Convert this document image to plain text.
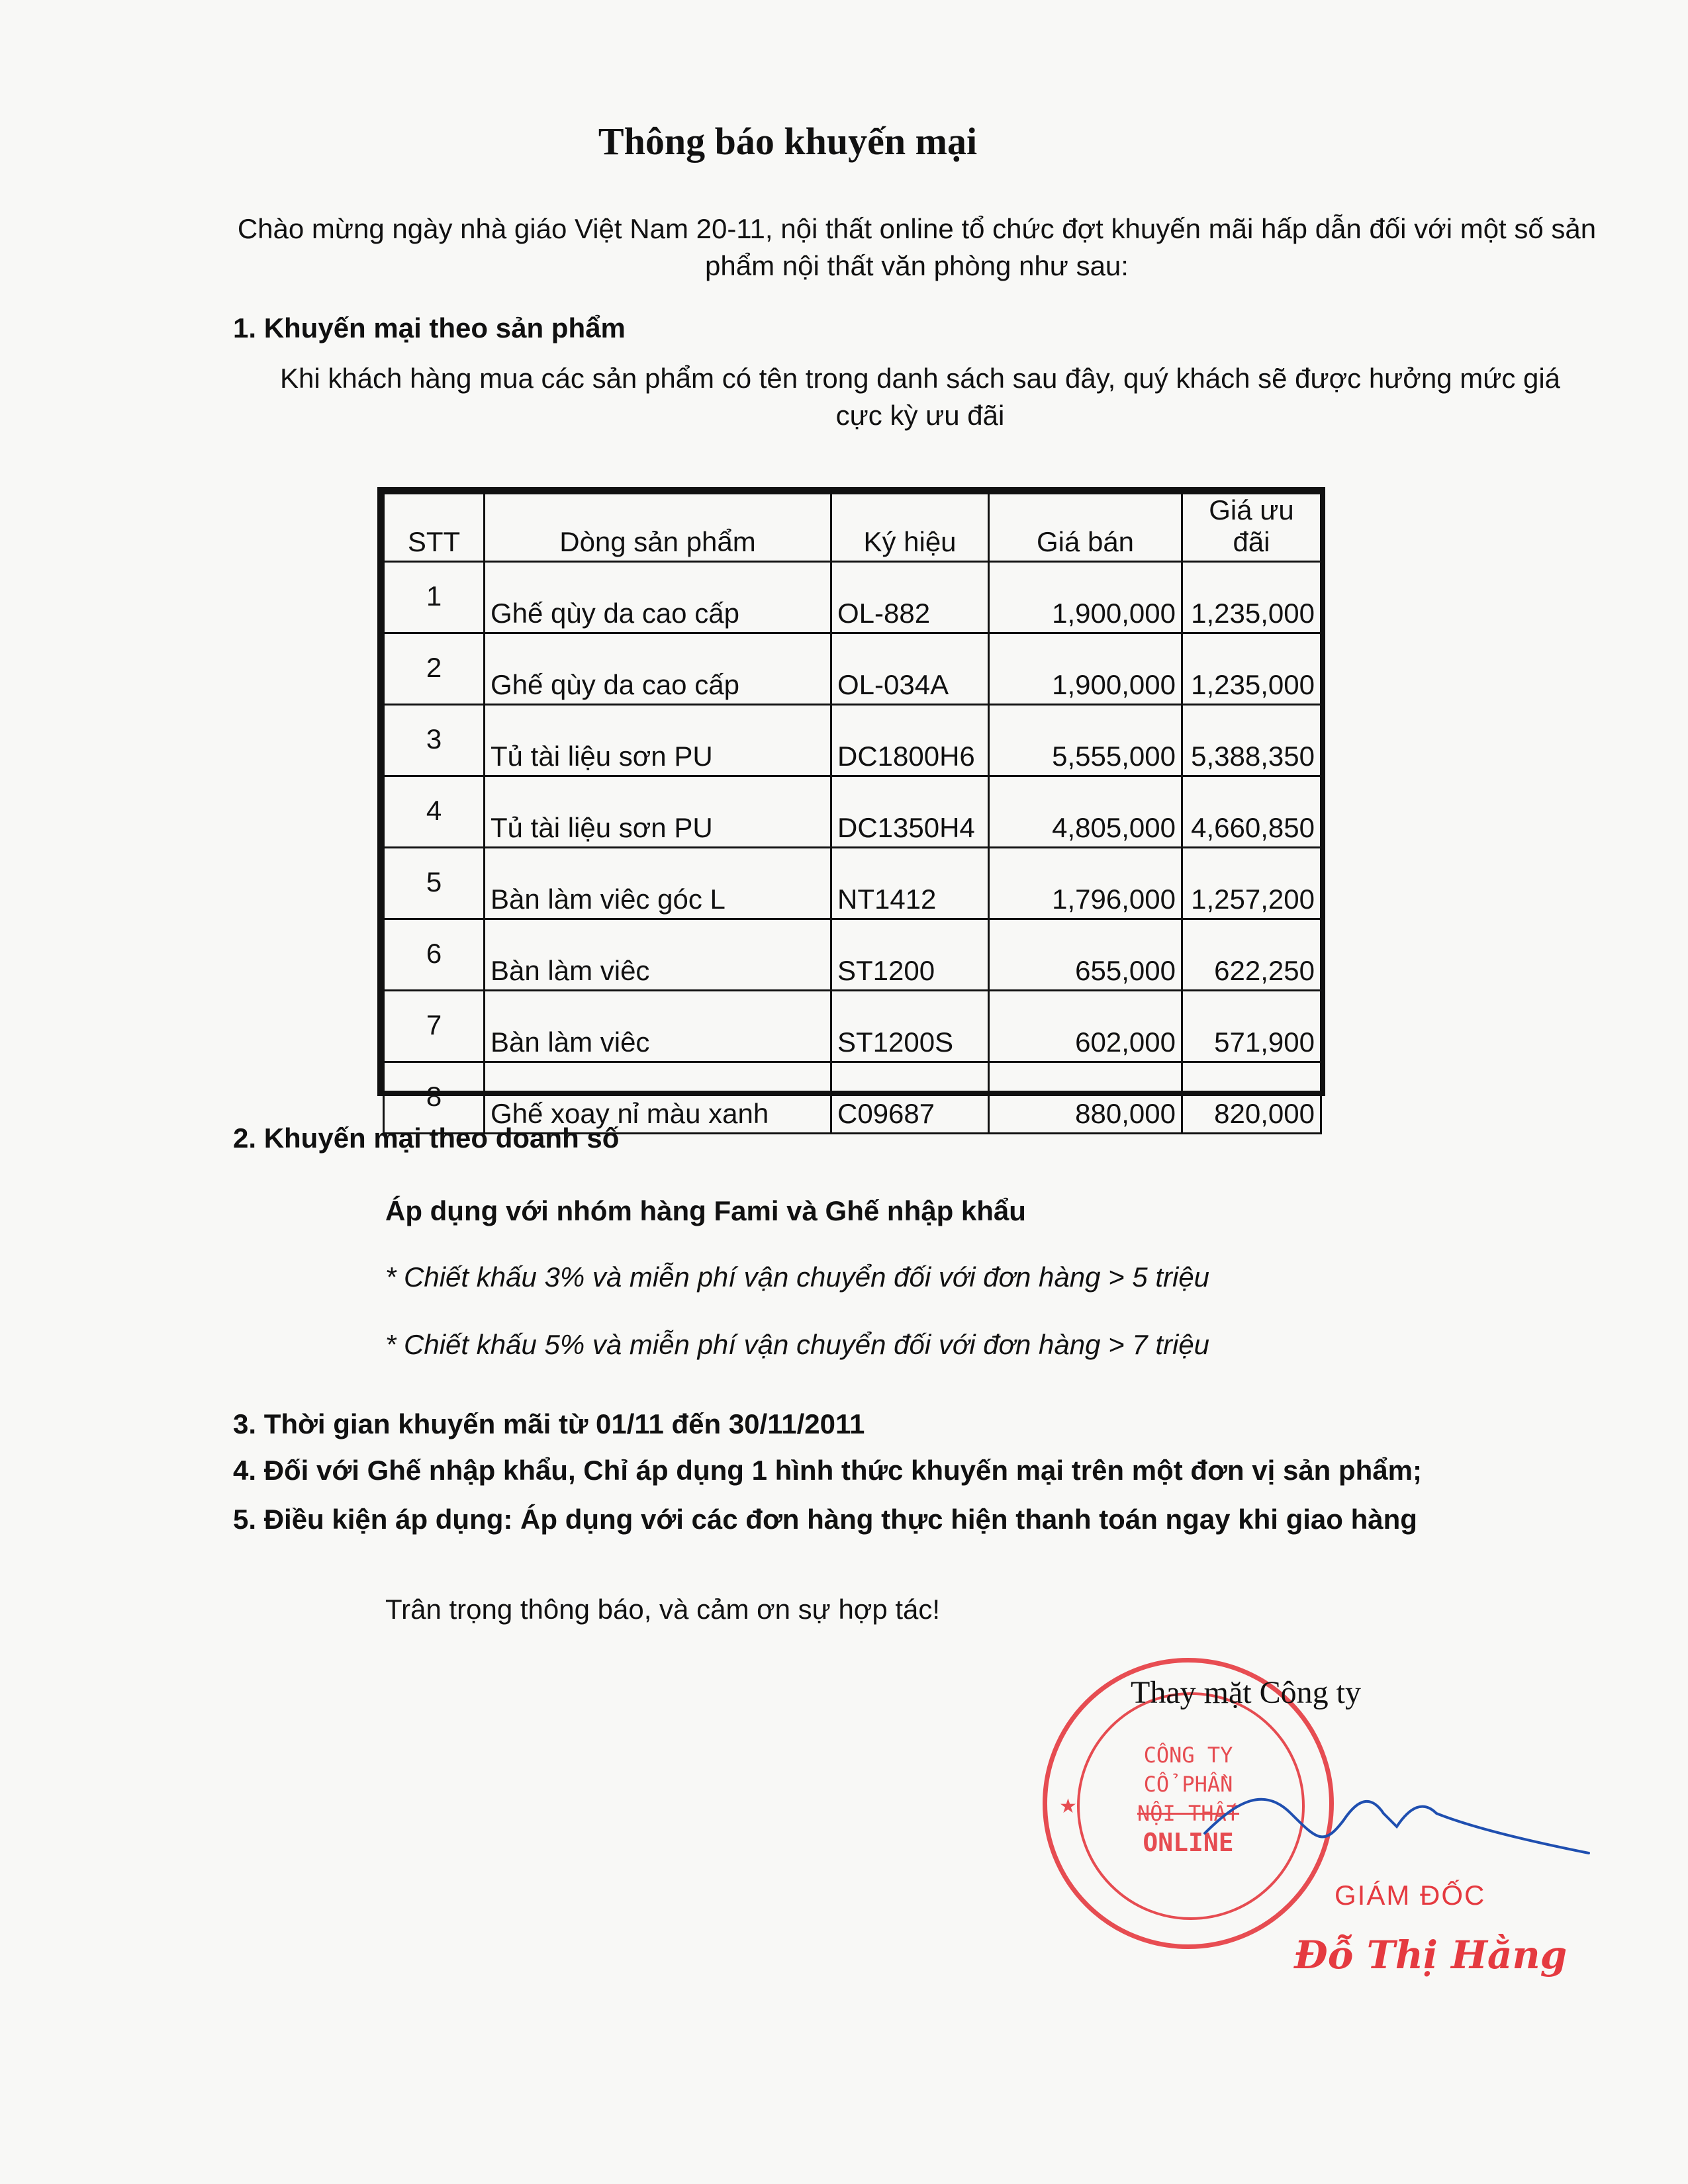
Thông báo khuyến mại
Chào mừng ngày nhà giáo Việt Nam 20-11, nội thất online tổ chức đợt khuyến mãi hấp dẫn đối với một số sản
phẩm nội thất văn phòng như sau:
1. Khuyến mại theo sản phẩm
Khi khách hàng mua các sản phẩm có tên trong danh sách sau đây, quý khách sẽ được hưởng mức giá
cực kỳ ưu đãi
STT	Dòng sản phẩm	Ký hiệu	Giá bán	Giá ưu đãi
1	Ghế qùy da cao cấp	OL-882	1,900,000	1,235,000
2	Ghế qùy da cao cấp	OL-034A	1,900,000	1,235,000
3	Tủ tài liệu sơn PU	DC1800H6	5,555,000	5,388,350
4	Tủ tài liệu sơn PU	DC1350H4	4,805,000	4,660,850
5	Bàn làm viêc góc L	NT1412	1,796,000	1,257,200
6	Bàn làm viêc	ST1200	655,000	622,250
7	Bàn làm viêc	ST1200S	602,000	571,900
8	Ghế xoay nỉ màu xanh	C09687	880,000	820,000
2. Khuyến mại theo doanh số
Áp dụng với nhóm hàng Fami và Ghế nhập khẩu
* Chiết khấu 3% và miễn phí vận chuyển đối với đơn hàng > 5 triệu
* Chiết khấu 5% và miễn phí vận chuyển đối với đơn hàng > 7 triệu
3. Thời gian khuyến mãi từ 01/11 đến 30/11/2011
4. Đối với Ghế nhập khẩu, Chỉ áp dụng 1 hình thức khuyến mại trên một đơn vị sản phẩm;
5. Điều kiện áp dụng: Áp dụng với các đơn hàng thực hiện thanh toán ngay khi giao hàng
Trân trọng thông báo, và cảm ơn sự hợp tác!
CÔNG TY
CỔ PHẦN
NỘI THẤT
ONLINE
★
Thay mặt Công ty
GIÁM ĐỐC
Đỗ Thị Hằng
